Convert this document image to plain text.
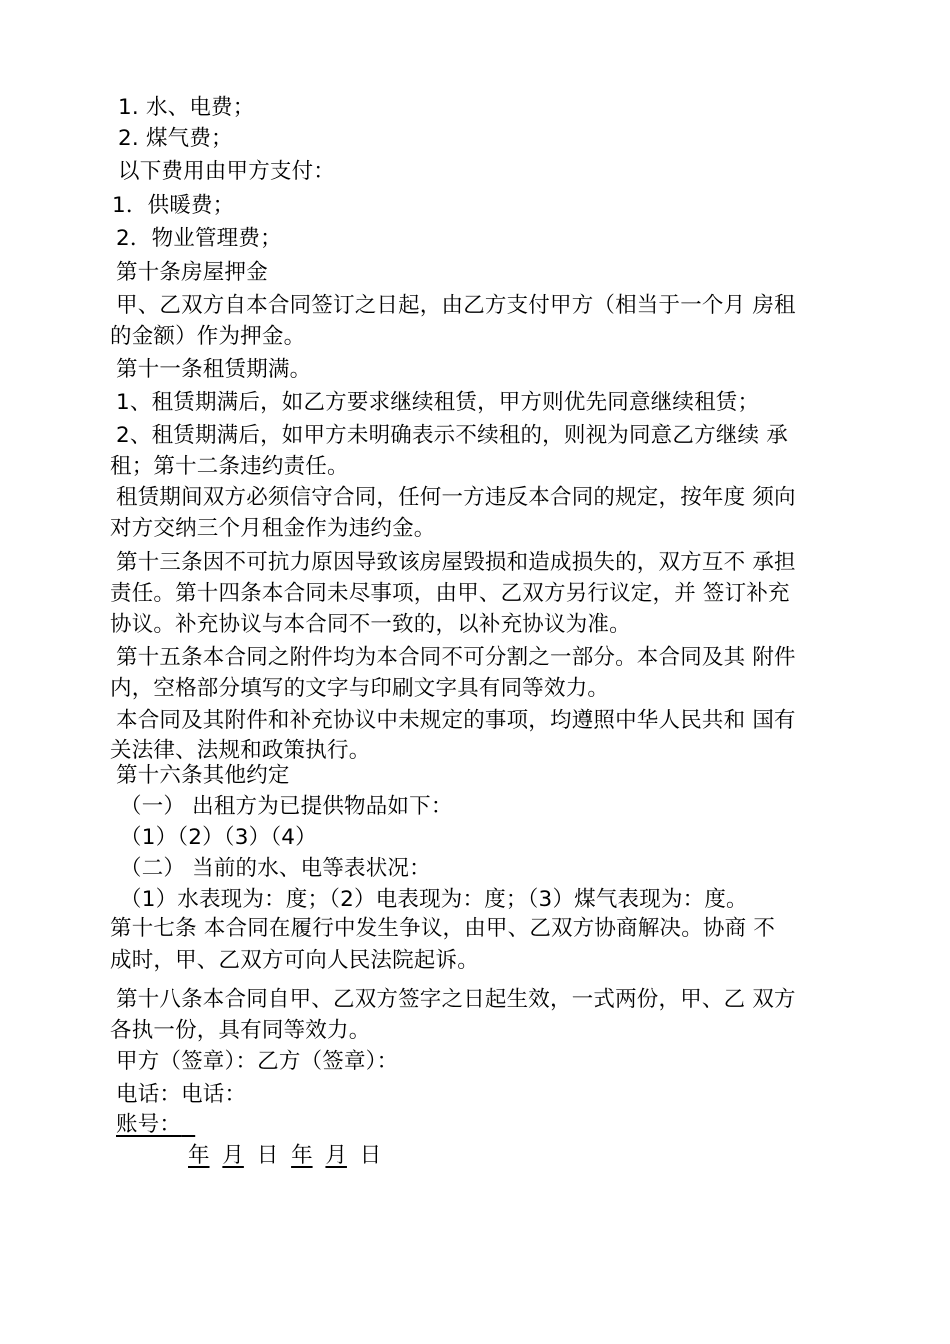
1. 水、电费；
2. 煤气费；
以下费用由甲方支付：
1．供暖费；
2．物业管理费；
第十条房屋押金
甲、乙双方自本合同签订之日起，由乙方支付甲方（相当于一个月 房租
的金额）作为押金。
第十一条租赁期满。
1、租赁期满后，如乙方要求继续租赁，甲方则优先同意继续租赁；
2、租赁期满后，如甲方未明确表示不续租的，则视为同意乙方继续 承
租；第十二条违约责任。
租赁期间双方必须信守合同，任何一方违反本合同的规定，按年度 须向
对方交纳三个月租金作为违约金。
第十三条因不可抗力原因导致该房屋毁损和造成损失的，双方互不 承担
责任。第十四条本合同未尽事项，由甲、乙双方另行议定，并 签订补充
协议。补充协议与本合同不一致的，以补充协议为准。
第十五条本合同之附件均为本合同不可分割之一部分。本合同及其 附件
内，空格部分填写的文字与印刷文字具有同等效力。
本合同及其附件和补充协议中未规定的事项，均遵照中华人民共和 国有
关法律、法规和政策执行。
第十六条其他约定
（一） 出租方为已提供物品如下：
（1）（2）（3）（4）
（二） 当前的水、电等表状况：
（1）水表现为：度；（2）电表现为：度；（3）煤气表现为：度。
第十七条 本合同在履行中发生争议，由甲、乙双方协商解决。协商 不
成时，甲、乙双方可向人民法院起诉。
第十八条本合同自甲、乙双方签字之日起生效，一式两份，甲、乙 双方
各执一份，具有同等效力。
甲方（签章）：乙方（签章）：
电话：电话：
账号：
年 月 日 年 月 日
